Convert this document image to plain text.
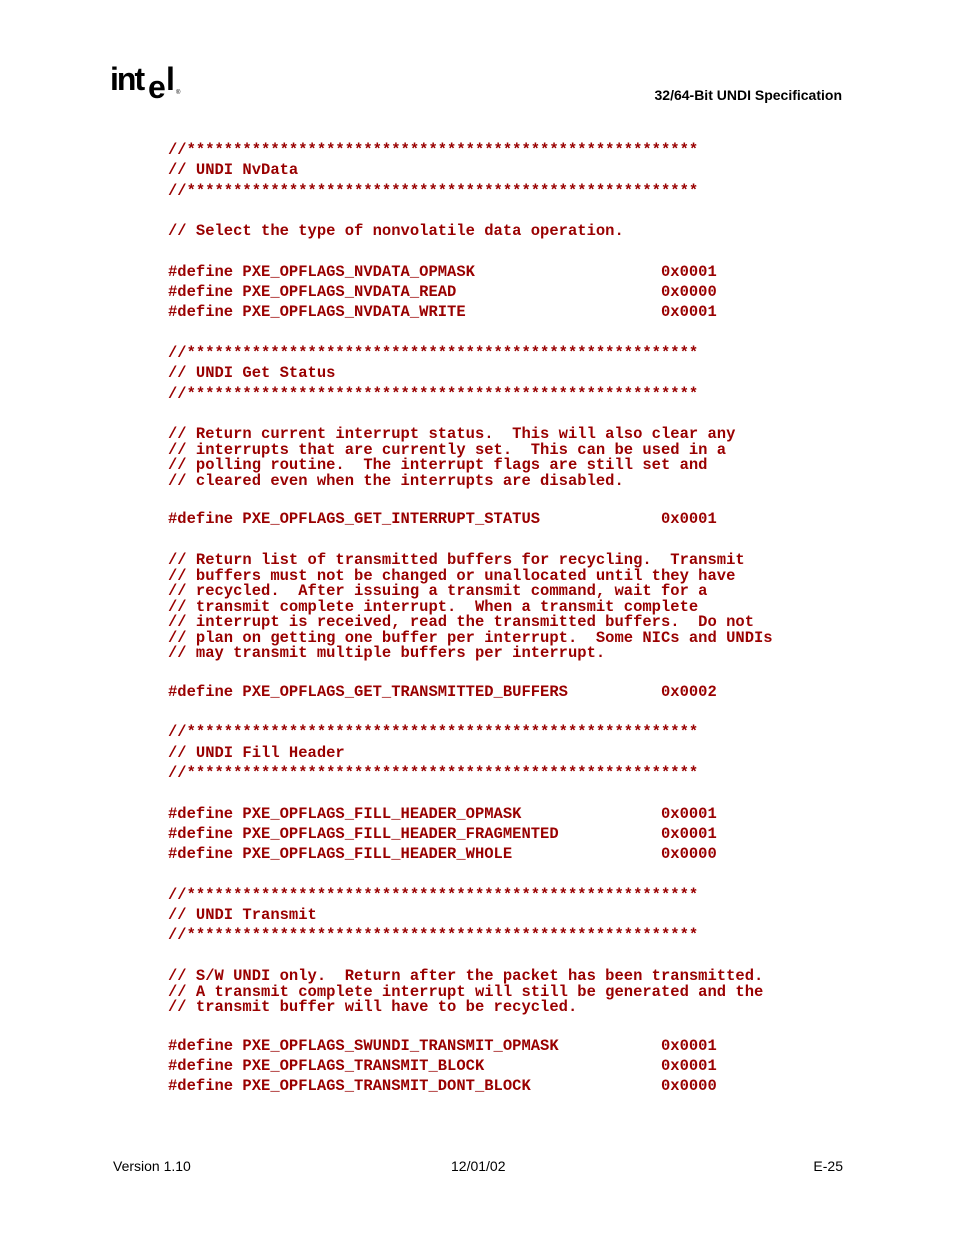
int e l ®	32/64-Bit UNDI Specification
//*******************************************************
// UNDI NvData
//*******************************************************
// Select the type of nonvolatile data operation.
#define PXE_OPFLAGS_NVDATA_OPMASK                    0x0001
#define PXE_OPFLAGS_NVDATA_READ                      0x0000
#define PXE_OPFLAGS_NVDATA_WRITE                     0x0001
//*******************************************************
// UNDI Get Status
//*******************************************************
// Return current interrupt status.  This will also clear any
// interrupts that are currently set.  This can be used in a
// polling routine.  The interrupt flags are still set and
// cleared even when the interrupts are disabled.
#define PXE_OPFLAGS_GET_INTERRUPT_STATUS             0x0001
// Return list of transmitted buffers for recycling.  Transmit
// buffers must not be changed or unallocated until they have
// recycled.  After issuing a transmit command, wait for a
// transmit complete interrupt.  When a transmit complete
// interrupt is received, read the transmitted buffers.  Do not
// plan on getting one buffer per interrupt.  Some NICs and UNDIs
// may transmit multiple buffers per interrupt.
#define PXE_OPFLAGS_GET_TRANSMITTED_BUFFERS          0x0002
//*******************************************************
// UNDI Fill Header
//*******************************************************
#define PXE_OPFLAGS_FILL_HEADER_OPMASK               0x0001
#define PXE_OPFLAGS_FILL_HEADER_FRAGMENTED           0x0001
#define PXE_OPFLAGS_FILL_HEADER_WHOLE                0x0000
//*******************************************************
// UNDI Transmit
//*******************************************************
// S/W UNDI only.  Return after the packet has been transmitted.
// A transmit complete interrupt will still be generated and the
// transmit buffer will have to be recycled.
#define PXE_OPFLAGS_SWUNDI_TRANSMIT_OPMASK           0x0001
#define PXE_OPFLAGS_TRANSMIT_BLOCK                   0x0001
#define PXE_OPFLAGS_TRANSMIT_DONT_BLOCK              0x0000
Version 1.10	12/01/02	E-25
